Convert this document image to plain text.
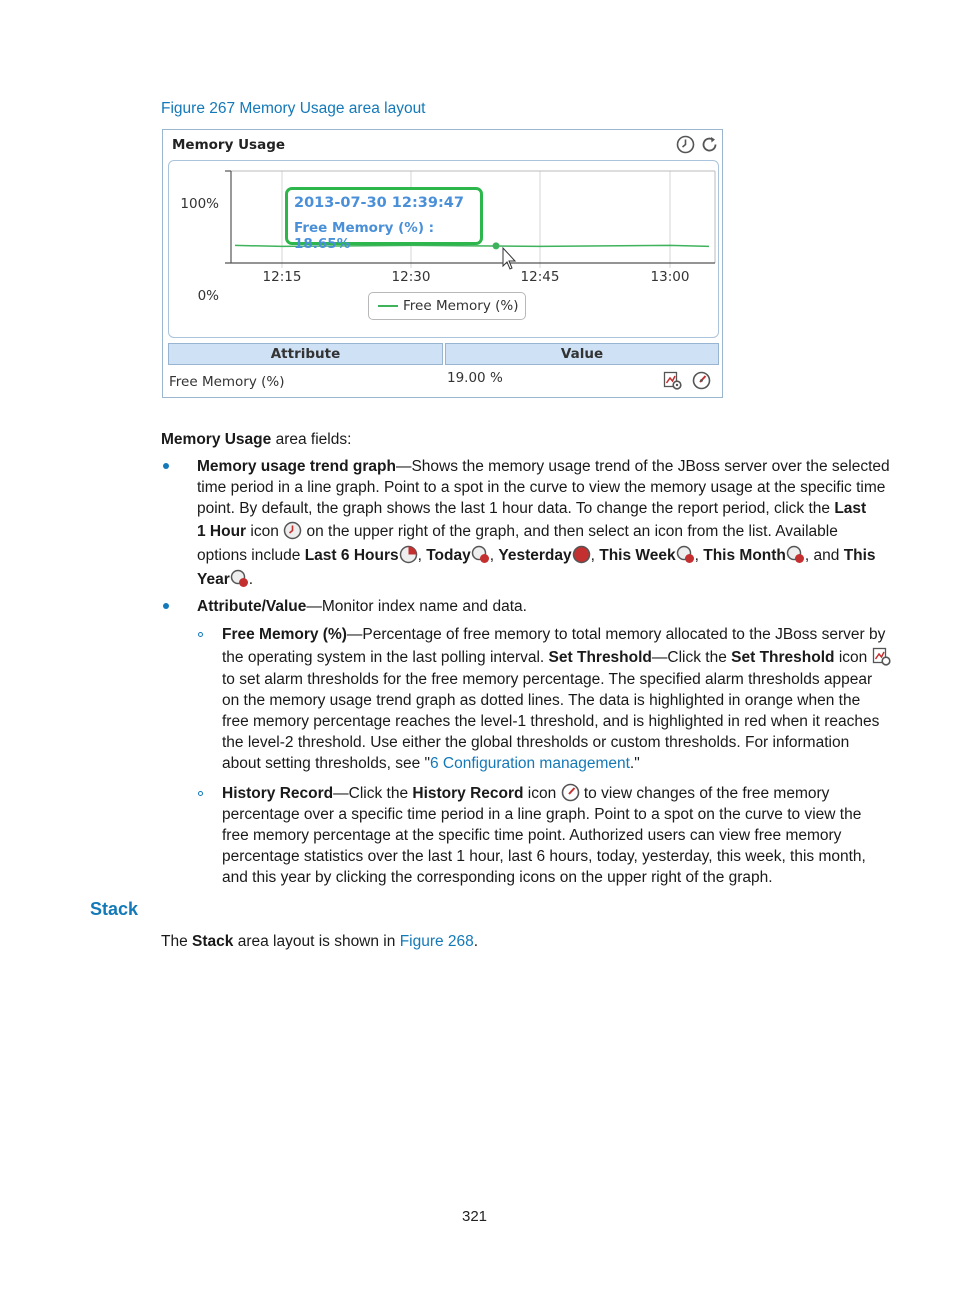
Figure 267 Memory Usage area layout
Memory Usage
100%
0%
12:15	12:30	12:45	13:00
2013-07-30 12:39:47
Free Memory (%) : 18.65%
Free Memory (%)
Attribute	Value
Free Memory (%)	19.00 %
Memory Usage area fields:
Memory usage trend graph—Shows the memory usage trend of the JBoss server over the selected
time period in a line graph. Point to a spot in the curve to view the memory usage at the specific time
point. By default, the graph shows the last 1 hour data. To change the report period, click the Last
1 Hour icon  on the upper right of the graph, and then select an icon from the list. Available
options include Last 6 Hours , Today , Yesterday , This Week , This Month , and This
Year .
Attribute/Value—Monitor index name and data.
Free Memory (%)—Percentage of free memory to total memory allocated to the JBoss server by
the operating system in the last polling interval. Set Threshold—Click the Set Threshold icon
to set alarm thresholds for the free memory percentage. The specified alarm thresholds appear
on the memory usage trend graph as dotted lines. The data is highlighted in orange when the
free memory percentage reaches the level-1 threshold, and is highlighted in red when it reaches
the level-2 threshold. Use either the global thresholds or custom thresholds. For information
about setting thresholds, see "6 Configuration management."
History Record—Click the History Record icon  to view changes of the free memory
percentage over a specific time period in a line graph. Point to a spot on the curve to view the
free memory percentage at the specific time point. Authorized users can view free memory
percentage statistics over the last 1 hour, last 6 hours, today, yesterday, this week, this month,
and this year by clicking the corresponding icons on the upper right of the graph.
Stack
The Stack area layout is shown in Figure 268.
321
